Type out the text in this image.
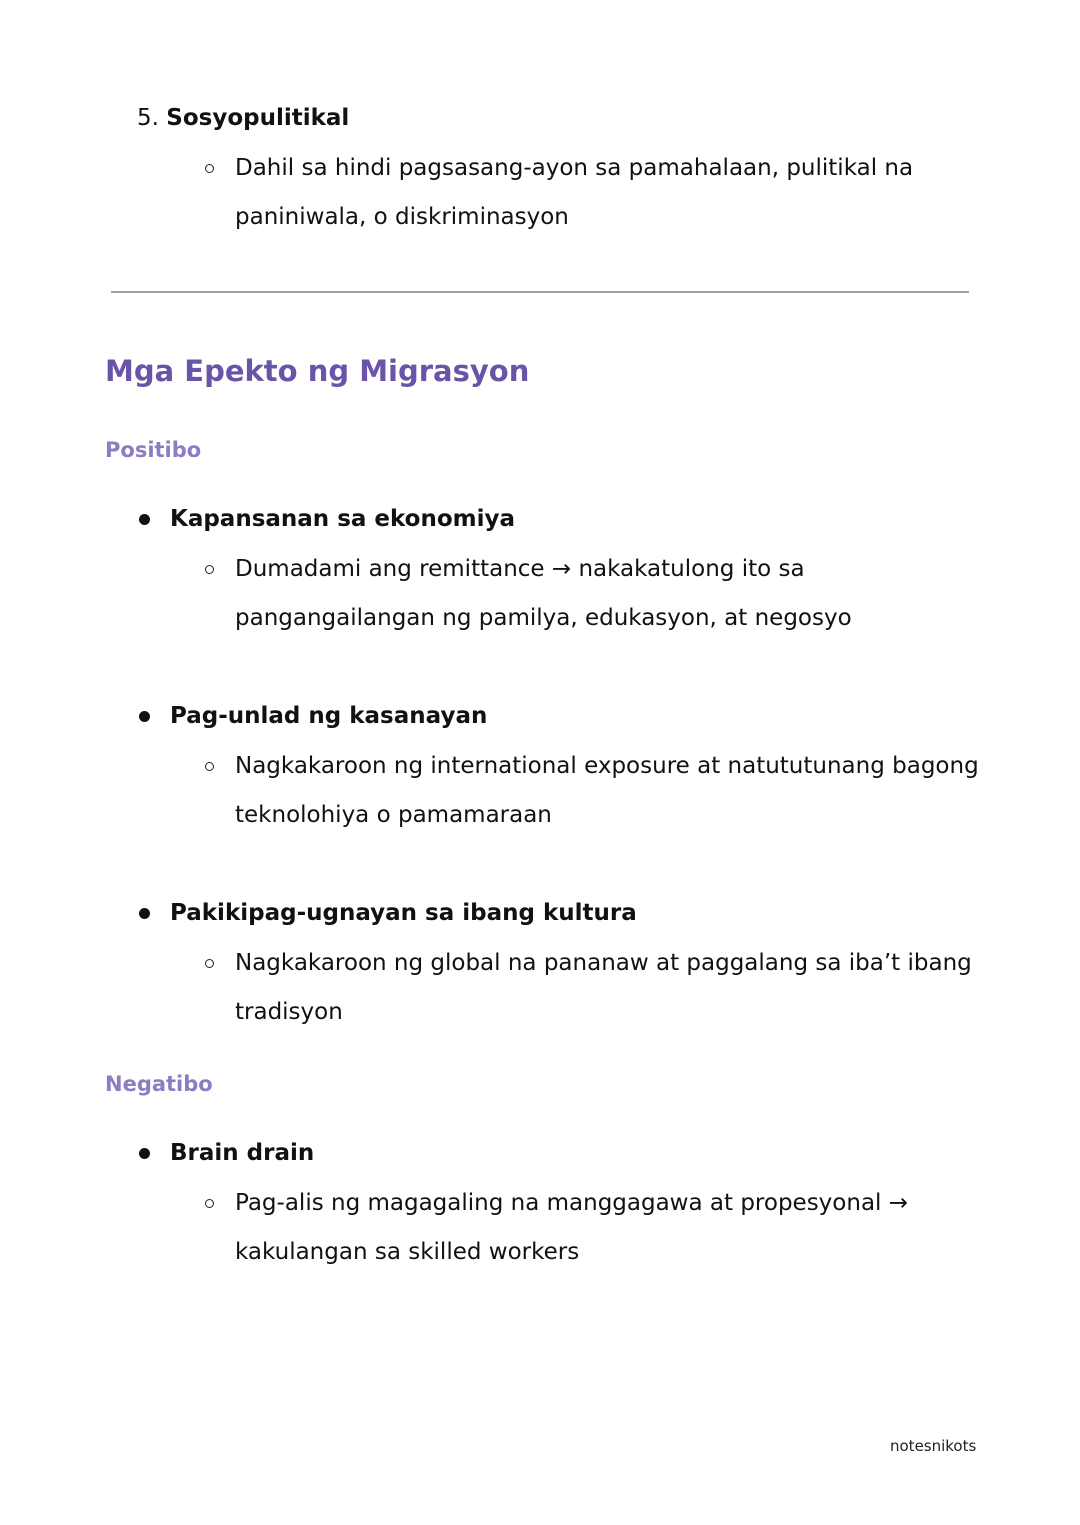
5. Sosyopulitikal
Dahil sa hindi pagsasang-ayon sa pamahalaan, pulitikal na
paniniwala, o diskriminasyon
Mga Epekto ng Migrasyon
Positibo
Kapansanan sa ekonomiya
Dumadami ang remittance → nakakatulong ito sa
pangangailangan ng pamilya, edukasyon, at negosyo
Pag-unlad ng kasanayan
Nagkakaroon ng international exposure at natututunang bagong
teknolohiya o pamamaraan
Pakikipag-ugnayan sa ibang kultura
Nagkakaroon ng global na pananaw at paggalang sa iba’t ibang
tradisyon
Negatibo
Brain drain
Pag-alis ng magagaling na manggagawa at propesyonal →
kakulangan sa skilled workers
notesnikots
